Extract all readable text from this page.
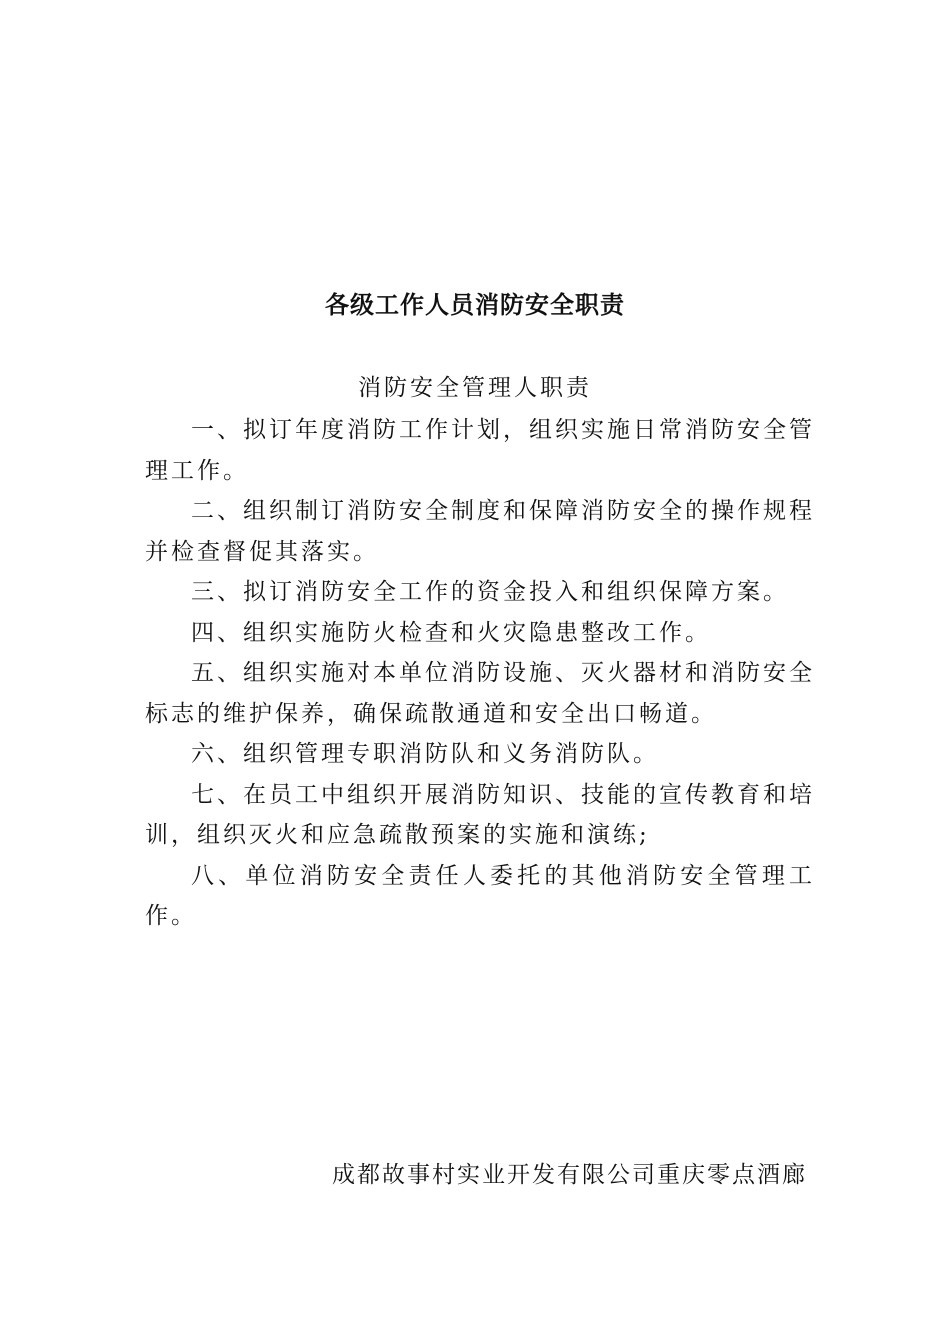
各级工作人员消防安全职责
消防安全管理人职责

一、拟订年度消防工作计划，组织实施日常消防安全管理工作。

二、组织制订消防安全制度和保障消防安全的操作规程并检查督促其落实。

三、拟订消防安全工作的资金投入和组织保障方案。

四、组织实施防火检查和火灾隐患整改工作。

五、组织实施对本单位消防设施、灭火器材和消防安全标志的维护保养，确保疏散通道和安全出口畅道。

六、组织管理专职消防队和义务消防队。

七、在员工中组织开展消防知识、技能的宣传教育和培训，组织灭火和应急疏散预案的实施和演练;

八、单位消防安全责任人委托的其他消防安全管理工作。

成都故事村实业开发有限公司重庆零点酒廊
